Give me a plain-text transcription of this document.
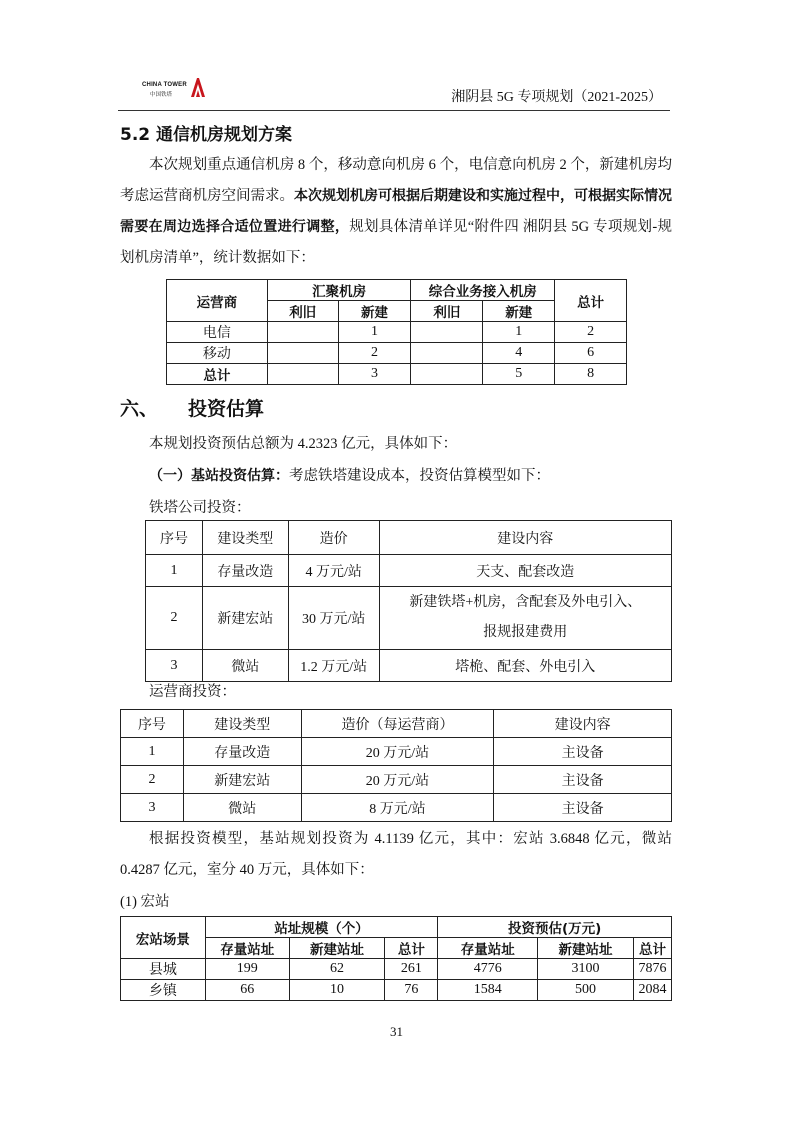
CHINA TOWER
中国铁塔	湘阴县 5G 专项规划（2021-2025）
5.2 通信机房规划方案
本次规划重点通信机房 8 个，移动意向机房 6 个，电信意向机房 2 个，新建机房均考虑运营商机房空间需求。本次规划机房可根据后期建设和实施过程中，可根据实际情况需要在周边选择合适位置进行调整，规划具体清单详见“附件四 湘阴县 5G 专项规划-规划机房清单”，统计数据如下：
运营商	汇聚机房		综合业务接入机房		总计
	利旧	新建	利旧	新建	
电信		1		1	2
移动		2		4	6
总计		3		5	8
六、 投资估算
本规划投资预估总额为 4.2323 亿元，具体如下：
（一）基站投资估算：考虑铁塔建设成本，投资估算模型如下：
铁塔公司投资：
序号	建设类型	造价	建设内容
1	存量改造	4 万元/站	天支、配套改造
2	新建宏站	30 万元/站	新建铁塔+机房，含配套及外电引入、
报规报建费用

3	微站	1.2 万元/站	塔桅、配套、外电引入
运营商投资：
序号	建设类型	造价（每运营商）	建设内容
1	存量改造	20 万元/站	主设备
2	新建宏站	20 万元/站	主设备
3	微站	8 万元/站	主设备
根据投资模型，基站规划投资为 4.1139 亿元，其中：宏站 3.6848 亿元，微站 0.4287 亿元，室分 40 万元，具体如下：
(1) 宏站
宏站场景	站址规模（个）			投资预估(万元)		
	存量站址	新建站址	总计	存量站址	新建站址	总计
县城	199	62	261	4776	3100	7876
乡镇	66	10	76	1584	500	2084
31
